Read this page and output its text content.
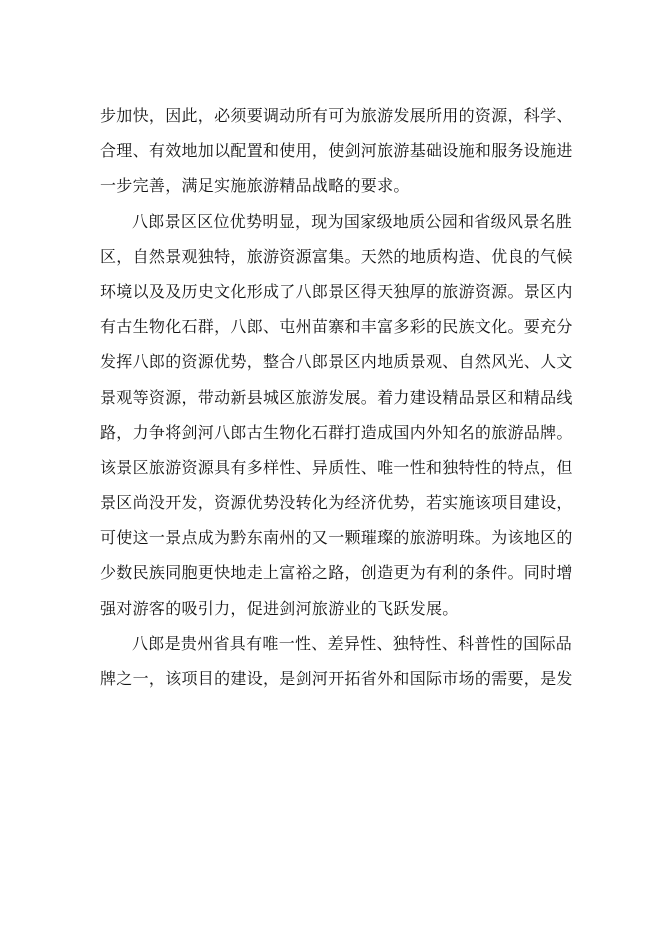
步加快，因此，必须要调动所有可为旅游发展所用的资源，科学、
合理、有效地加以配置和使用，使剑河旅游基础设施和服务设施进
一步完善，满足实施旅游精品战略的要求。
八郎景区区位优势明显，现为国家级地质公园和省级风景名胜
区，自然景观独特，旅游资源富集。天然的地质构造、优良的气候
环境以及及历史文化形成了八郎景区得天独厚的旅游资源。景区内
有古生物化石群，八郎、屯州苗寨和丰富多彩的民族文化。要充分
发挥八郎的资源优势，整合八郎景区内地质景观、自然风光、人文
景观等资源，带动新县城区旅游发展。着力建设精品景区和精品线
路，力争将剑河八郎古生物化石群打造成国内外知名的旅游品牌。
该景区旅游资源具有多样性、异质性、唯一性和独特性的特点，但
景区尚没开发，资源优势没转化为经济优势，若实施该项目建设，
可使这一景点成为黔东南州的又一颗璀璨的旅游明珠。为该地区的
少数民族同胞更快地走上富裕之路，创造更为有利的条件。同时增
强对游客的吸引力，促进剑河旅游业的飞跃发展。
八郎是贵州省具有唯一性、差异性、独特性、科普性的国际品
牌之一，该项目的建设，是剑河开拓省外和国际市场的需要，是发
